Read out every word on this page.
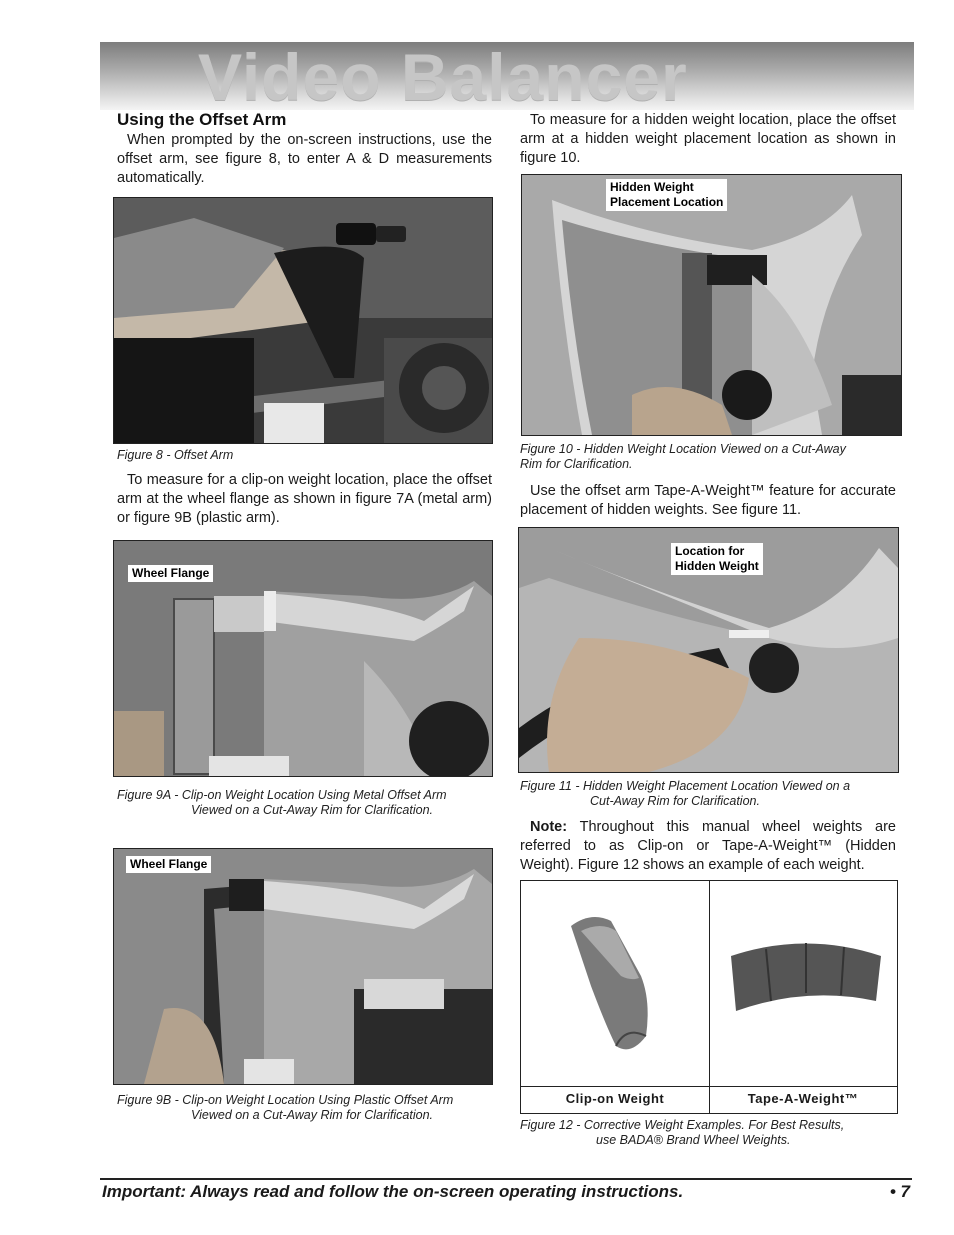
Video Balancer
Using the Offset Arm
When prompted by the on-screen instructions, use the offset arm, see figure 8, to enter A & D measurements automatically.
Figure 8 - Offset Arm
To measure for a clip-on weight location, place the offset arm at the wheel flange as shown in figure 7A (metal arm) or figure 9B (plastic arm).
Wheel Flange
Figure 9A - Clip-on Weight Location Using Metal Offset Arm
Viewed on a Cut-Away Rim for Clarification.
Wheel Flange
Figure 9B - Clip-on Weight Location Using Plastic Offset Arm
Viewed on a Cut-Away Rim for Clarification.
To measure for a hidden weight location, place the offset arm at a hidden weight placement location as shown in figure 10.
Hidden Weight
Placement Location
Figure 10 - Hidden Weight Location Viewed on a Cut-Away
Rim for Clarification.
Use the offset arm Tape-A-Weight™ feature for accurate placement of hidden weights. See figure 11.
Location for
Hidden Weight
Figure 11 - Hidden Weight Placement Location Viewed on a
Cut-Away Rim for Clarification.
Note: Throughout this manual wheel weights are referred to as Clip-on or Tape-A-Weight™ (Hidden Weight). Figure 12 shows an example of each weight.
Clip-on Weight	Tape-A-Weight™
Figure 12 - Corrective Weight Examples. For Best Results,
use BADA® Brand Wheel Weights.
Important: Always read and follow the on-screen operating instructions.	• 7
